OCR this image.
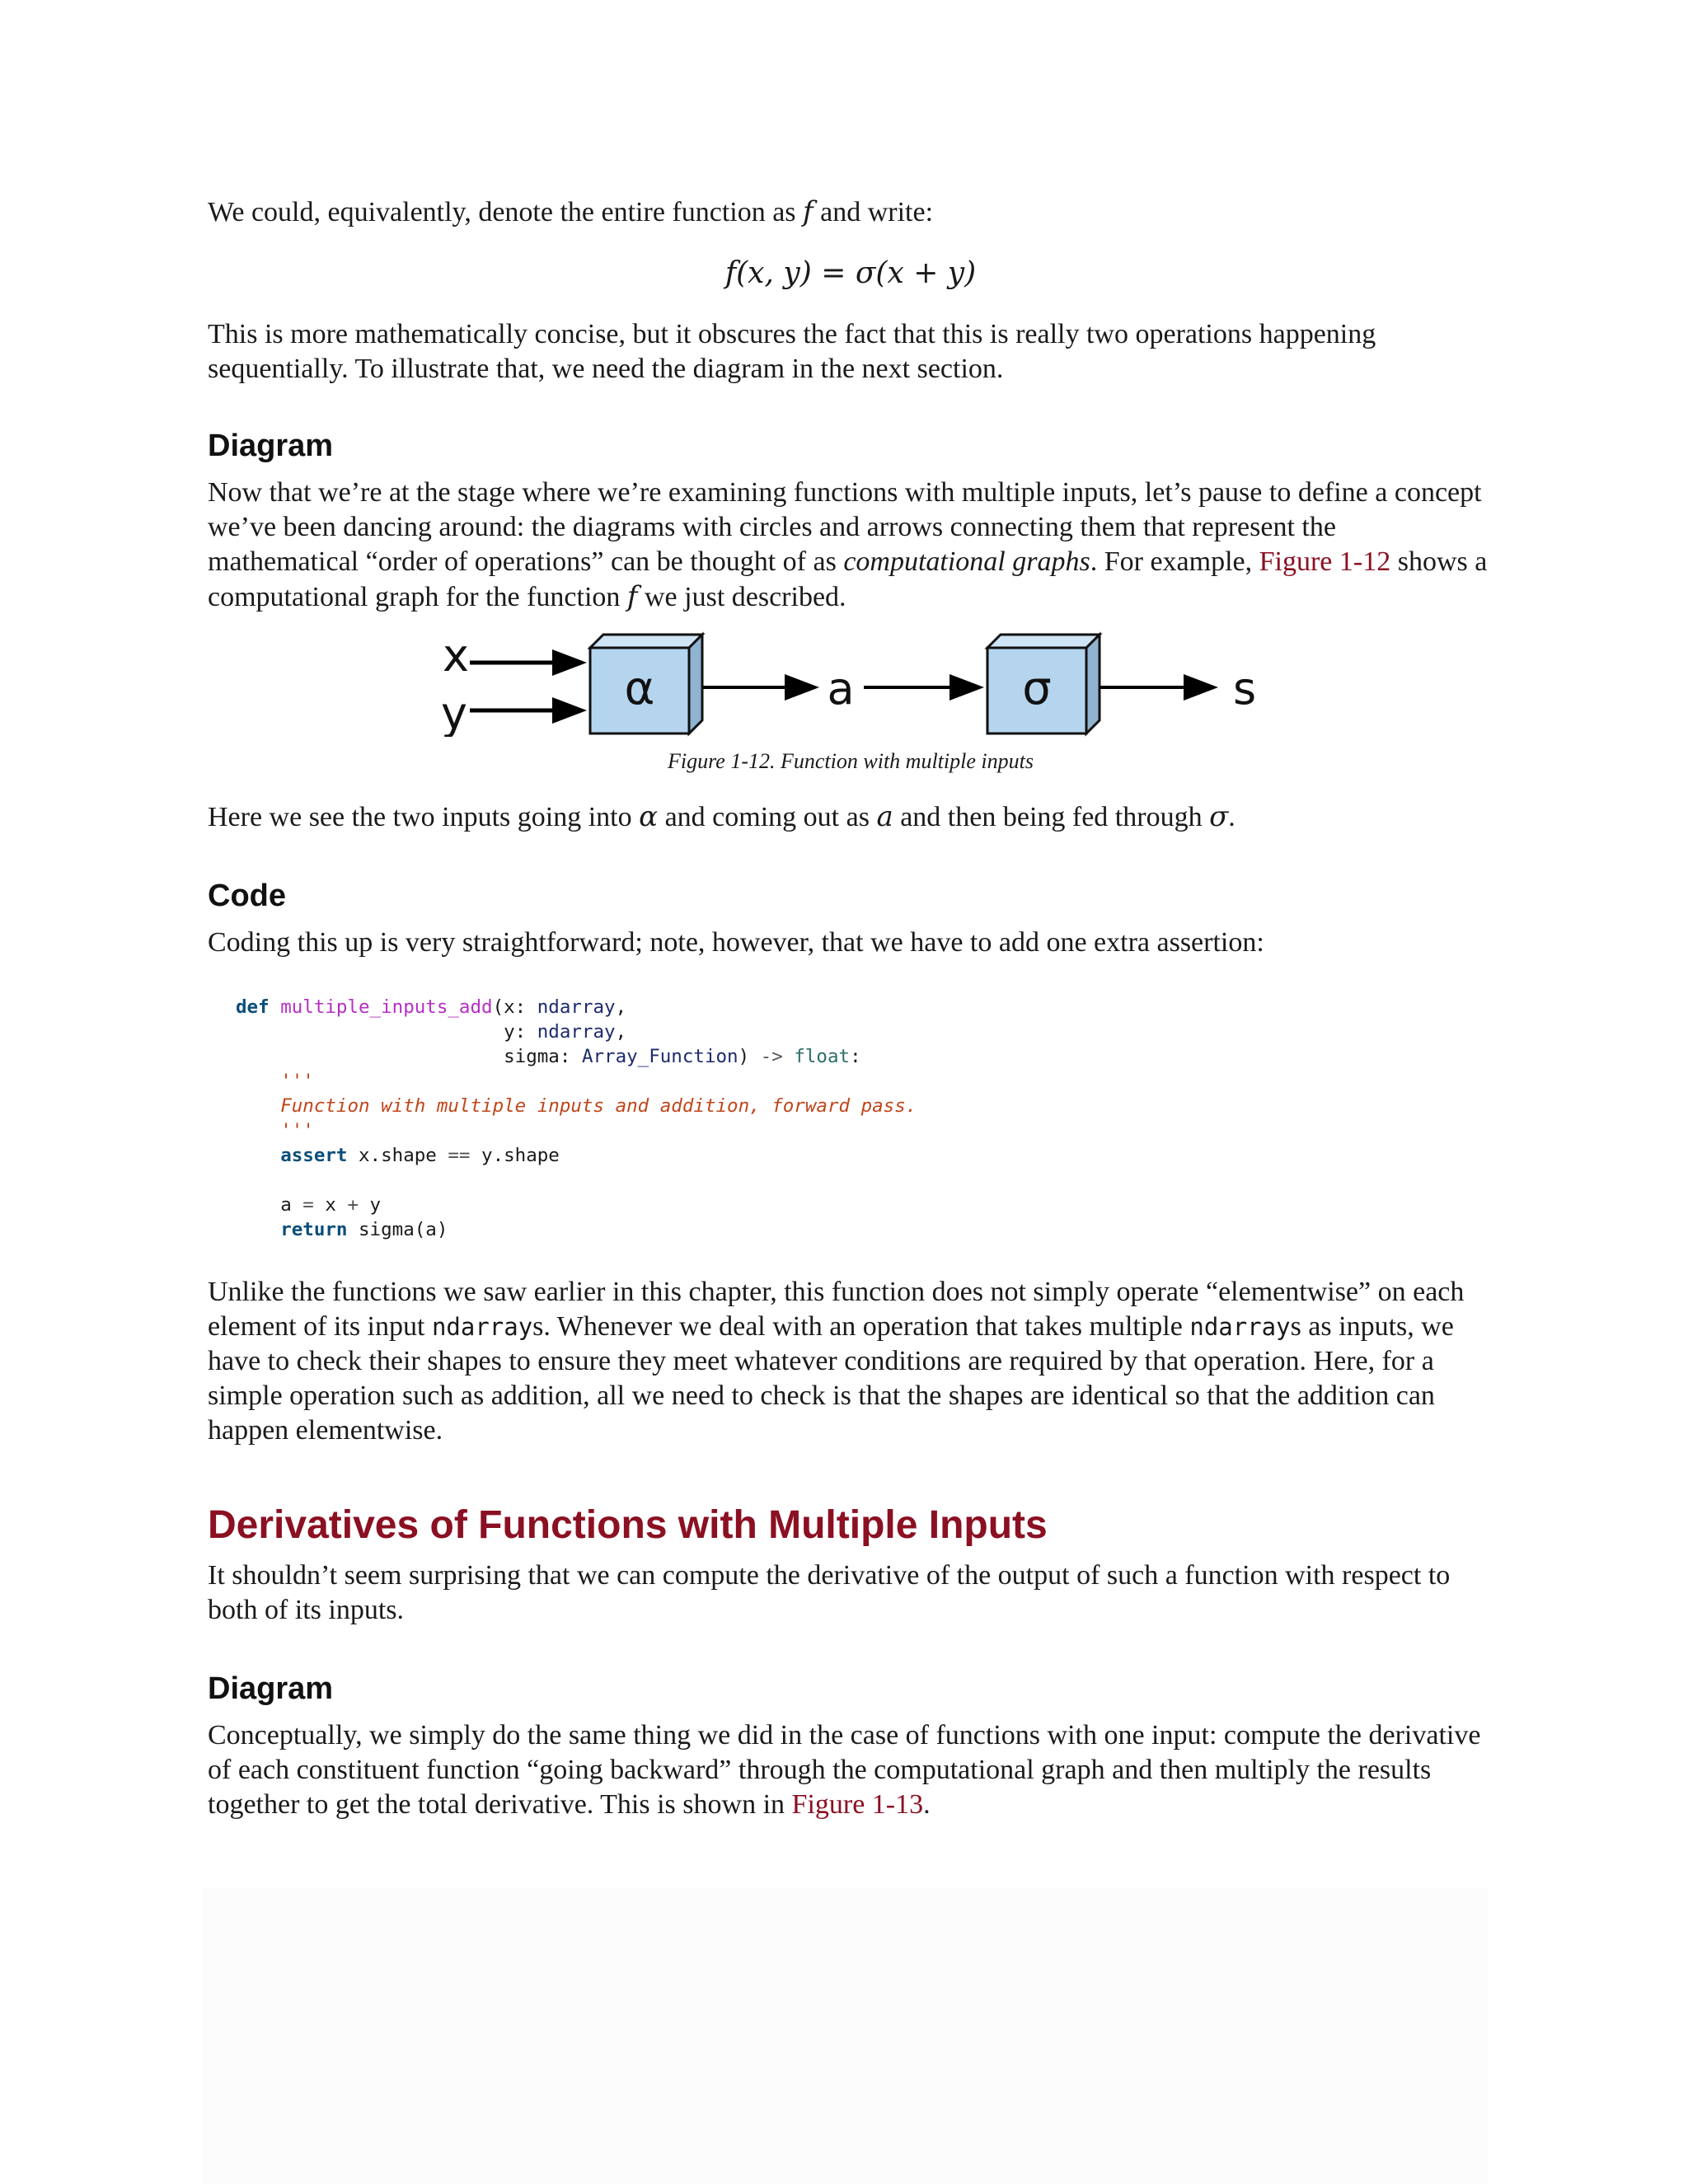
We could, equivalently, denote the entire function as f and write:

f(x, y) = σ(x + y)

This is more mathematically concise, but it obscures the fact that this is really two operations happening sequentially. To illustrate that, we need the diagram in the next section.

Diagram

Now that we’re at the stage where we’re examining functions with multiple inputs, let’s pause to define a concept we’ve been dancing around: the diagrams with circles and arrows connecting them that represent the mathematical “order of operations” can be thought of as computational graphs. For example, Figure 1-12 shows a computational graph for the function f we just described.

x
y	α	a	σ	s

Figure 1-12. Function with multiple inputs

Here we see the two inputs going into α and coming out as a and then being fed through σ.

Code

Coding this up is very straightforward; note, however, that we have to add one extra assertion:

def multiple_inputs_add(x: ndarray,
y: ndarray,
sigma: Array_Function) -> float:
'''
Function with multiple inputs and addition, forward pass.
'''
assert x.shape == y.shape

a = x + y
return sigma(a)

Unlike the functions we saw earlier in this chapter, this function does not simply operate “elementwise” on each element of its input ndarrays. Whenever we deal with an operation that takes multiple ndarrays as inputs, we have to check their shapes to ensure they meet whatever conditions are required by that operation. Here, for a simple operation such as addition, all we need to check is that the shapes are identical so that the addition can happen elementwise.

Derivatives of Functions with Multiple Inputs

It shouldn’t seem surprising that we can compute the derivative of the output of such a function with respect to both of its inputs.

Diagram

Conceptually, we simply do the same thing we did in the case of functions with one input: compute the derivative of each constituent function “going backward” through the computational graph and then multiply the results together to get the total derivative. This is shown in Figure 1-13.
